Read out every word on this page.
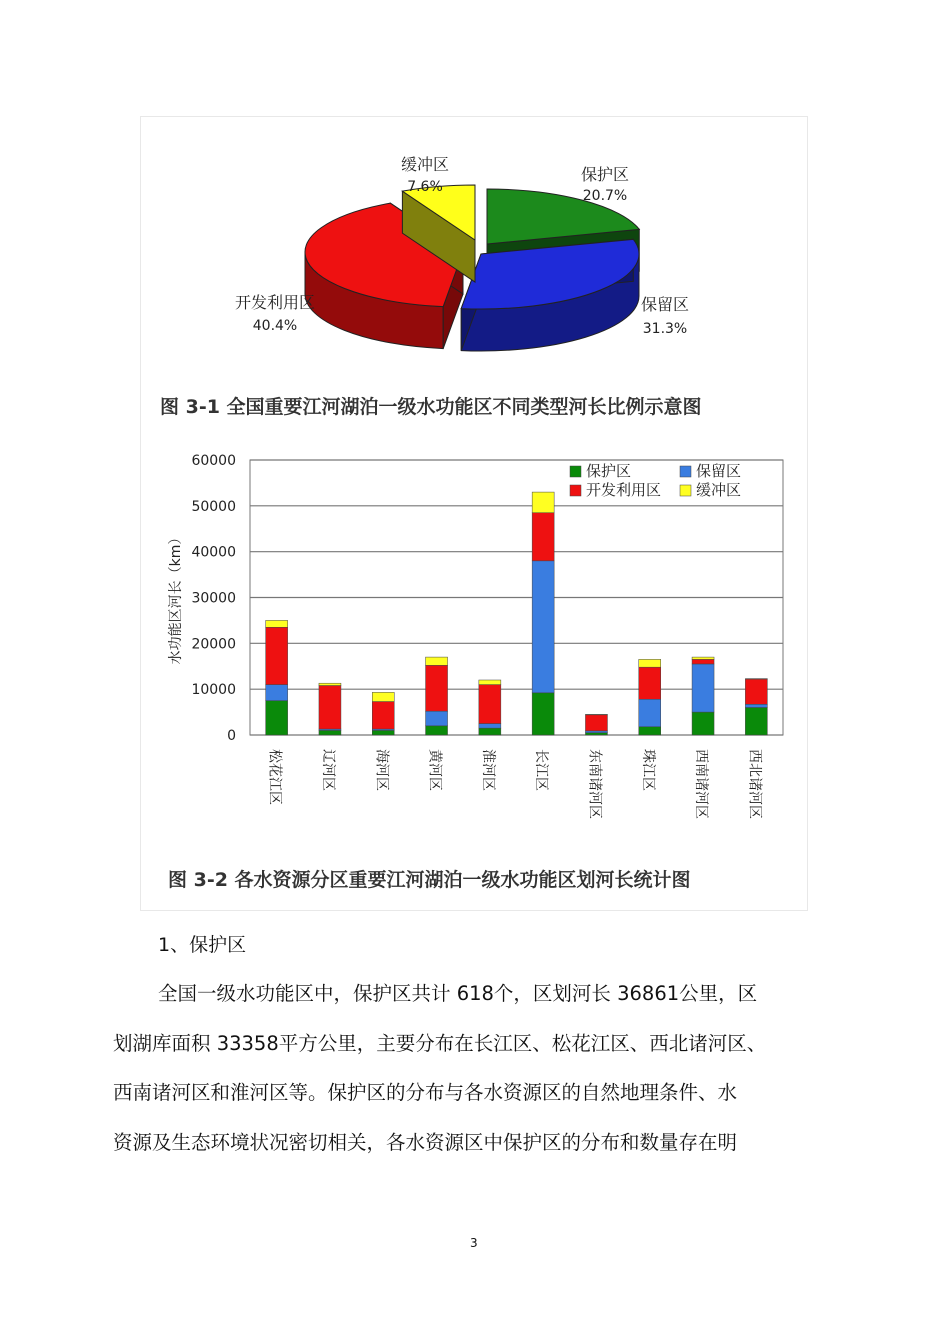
保护区
20.7%
保留区
31.3%
开发利用区
40.4%
缓冲区
7.6%
图 3-1 全国重要江河湖泊一级水功能区不同类型河长比例示意图
0
10000
20000
30000
40000
50000
60000
水功能区河长（km）
松花江区	辽河区	海河区	黄河区	淮河区	长江区	东南诸河区	珠江区	西南诸河区	西北诸河区
保护区	保留区
开发利用区 缓冲区
图 3-2 各水资源分区重要江河湖泊一级水功能区划河长统计图
1、保护区
全国一级水功能区中，保护区共计 618个，区划河长 36861公里，区
划湖库面积 33358平方公里，主要分布在长江区、松花江区、西北诸河区、
西南诸河区和淮河区等。保护区的分布与各水资源区的自然地理条件、水
资源及生态环境状况密切相关，各水资源区中保护区的分布和数量存在明
3
